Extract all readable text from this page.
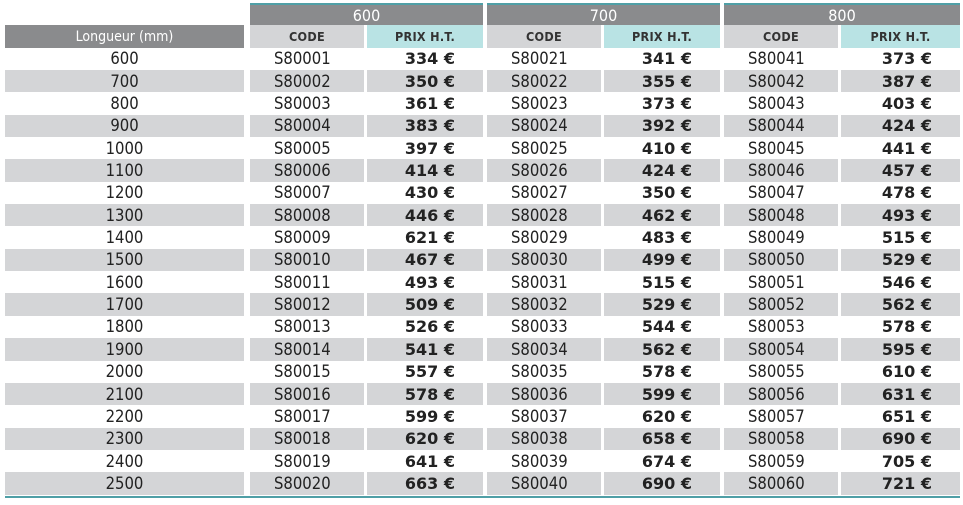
600	700	800
Longueur (mm)	CODE	PRIX H.T.	CODE	PRIX H.T.	CODE	PRIX H.T.
600	S80001	334 €	S80021	341 €	S80041	373 €
700	S80002	350 €	S80022	355 €	S80042	387 €
800	S80003	361 €	S80023	373 €	S80043	403 €
900	S80004	383 €	S80024	392 €	S80044	424 €
1000	S80005	397 €	S80025	410 €	S80045	441 €
1100	S80006	414 €	S80026	424 €	S80046	457 €
1200	S80007	430 €	S80027	350 €	S80047	478 €
1300	S80008	446 €	S80028	462 €	S80048	493 €
1400	S80009	621 €	S80029	483 €	S80049	515 €
1500	S80010	467 €	S80030	499 €	S80050	529 €
1600	S80011	493 €	S80031	515 €	S80051	546 €
1700	S80012	509 €	S80032	529 €	S80052	562 €
1800	S80013	526 €	S80033	544 €	S80053	578 €
1900	S80014	541 €	S80034	562 €	S80054	595 €
2000	S80015	557 €	S80035	578 €	S80055	610 €
2100	S80016	578 €	S80036	599 €	S80056	631 €
2200	S80017	599 €	S80037	620 €	S80057	651 €
2300	S80018	620 €	S80038	658 €	S80058	690 €
2400	S80019	641 €	S80039	674 €	S80059	705 €
2500	S80020	663 €	S80040	690 €	S80060	721 €
